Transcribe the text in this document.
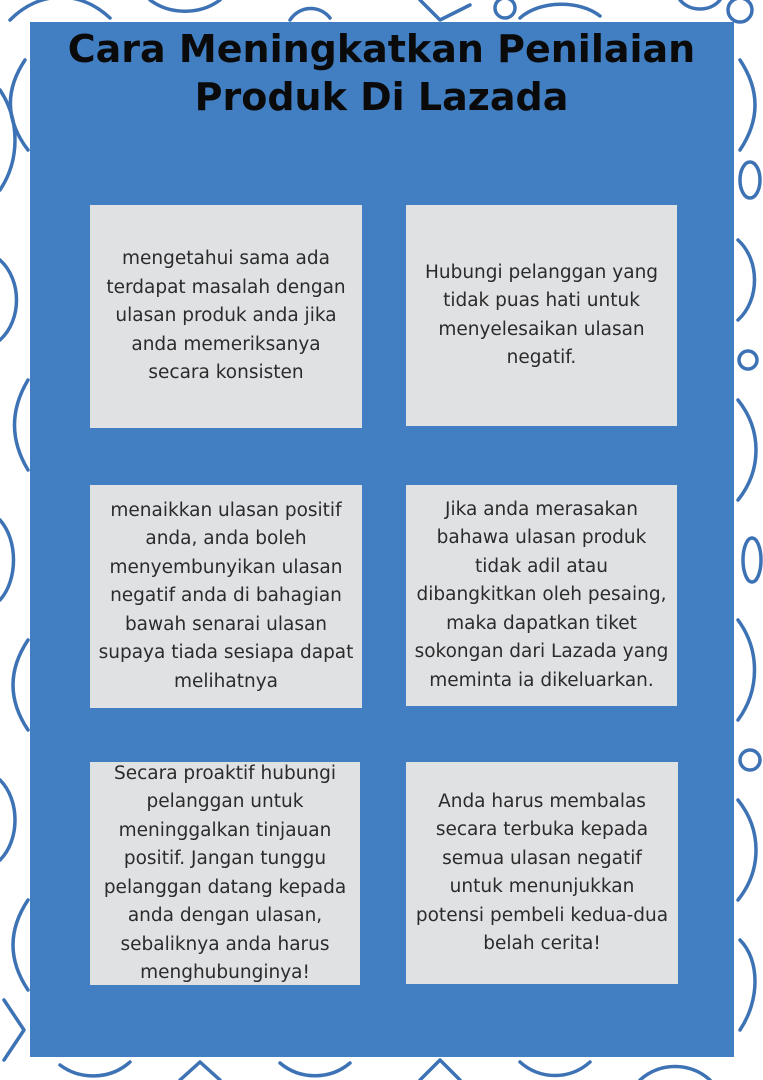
Cara Meningkatkan Penilaian
Produk Di Lazada

mengetahui sama ada terdapat masalah dengan ulasan produk anda jika anda memeriksanya secara konsisten

Hubungi pelanggan yang tidak puas hati untuk menyelesaikan ulasan negatif.

menaikkan ulasan positif anda, anda boleh menyembunyikan ulasan negatif anda di bahagian bawah senarai ulasan supaya tiada sesiapa dapat melihatnya

Jika anda merasakan bahawa ulasan produk tidak adil atau dibangkitkan oleh pesaing, maka dapatkan tiket sokongan dari Lazada yang meminta ia dikeluarkan.

Secara proaktif hubungi pelanggan untuk meninggalkan tinjauan positif. Jangan tunggu pelanggan datang kepada anda dengan ulasan, sebaliknya anda harus menghubunginya!

Anda harus membalas secara terbuka kepada semua ulasan negatif untuk menunjukkan potensi pembeli kedua-dua belah cerita!
